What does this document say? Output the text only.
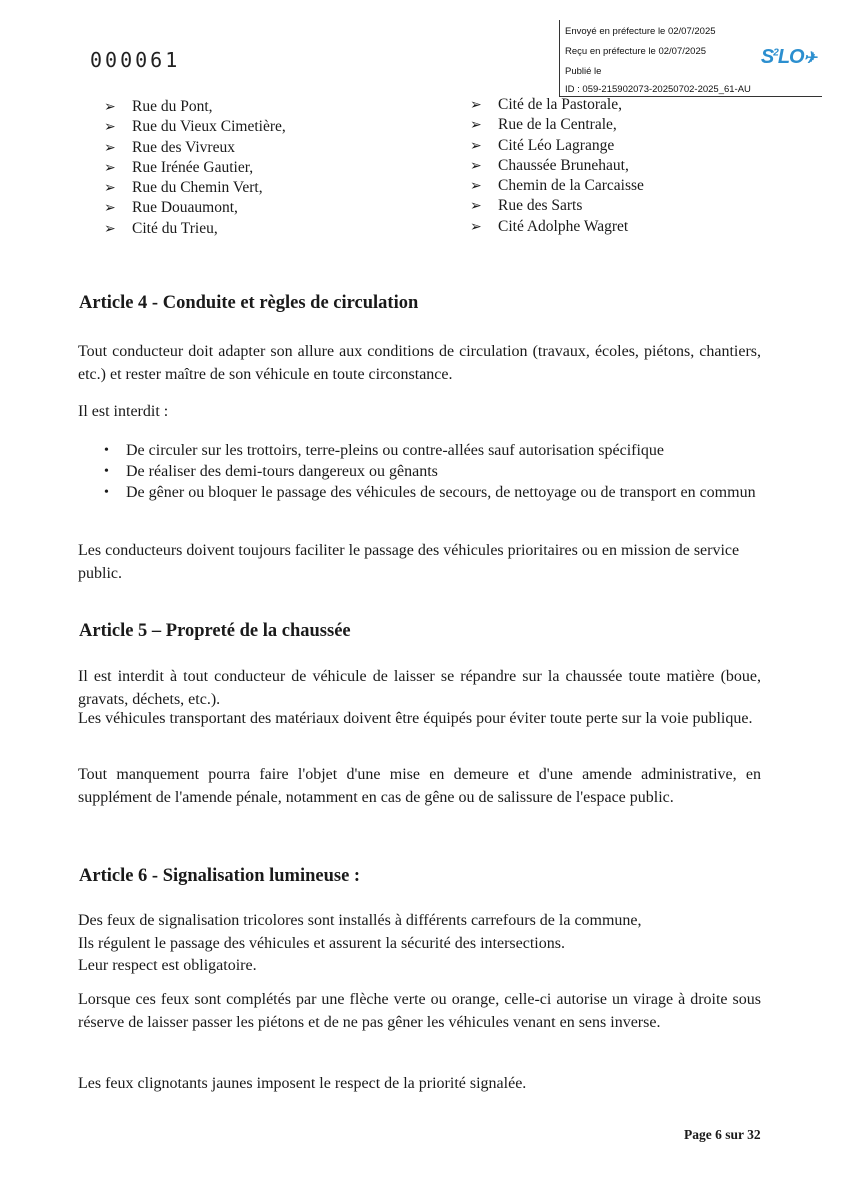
000061
Envoyé en préfecture le 02/07/2025
Reçu en préfecture le 02/07/2025
Publié le
ID : 059-215902073-20250702-2025_61-AU
$S^2LO✈$
➢ Rue du Pont,
➢ Rue du Vieux Cimetière,
➢ Rue des Vivreux
➢ Rue Irénée Gautier,
➢ Rue du Chemin Vert,
➢ Rue Douaumont,
➢ Cité du Trieu,
➢ Cité de la Pastorale,
➢ Rue de la Centrale,
➢ Cité Léo Lagrange
➢ Chaussée Brunehaut,
➢ Chemin de la Carcaisse
➢ Rue des Sarts
➢ Cité Adolphe Wagret
Article 4 - Conduite et règles de circulation

Tout conducteur doit adapter son allure aux conditions de circulation (travaux, écoles, piétons, chantiers, etc.) et rester maître de son véhicule en toute circonstance.

Il est interdit :

• De circuler sur les trottoirs, terre-pleins ou contre-allées sauf autorisation spécifique
• De réaliser des demi-tours dangereux ou gênants
• De gêner ou bloquer le passage des véhicules de secours, de nettoyage ou de transport en commun

Les conducteurs doivent toujours faciliter le passage des véhicules prioritaires ou en mission de service public.

Article 5 – Propreté de la chaussée

Il est interdit à tout conducteur de véhicule de laisser se répandre sur la chaussée toute matière (boue, gravats, déchets, etc.).

Les véhicules transportant des matériaux doivent être équipés pour éviter toute perte sur la voie publique.

Tout manquement pourra faire l'objet d'une mise en demeure et d'une amende administrative, en supplément de l'amende pénale, notamment en cas de gêne ou de salissure de l'espace public.

Article 6 - Signalisation lumineuse :
Des feux de signalisation tricolores sont installés à différents carrefours de la commune,
Ils régulent le passage des véhicules et assurent la sécurité des intersections.
Leur respect est obligatoire.

Lorsque ces feux sont complétés par une flèche verte ou orange, celle-ci autorise un virage à droite sous réserve de laisser passer les piétons et de ne pas gêner les véhicules venant en sens inverse.

Les feux clignotants jaunes imposent le respect de la priorité signalée.

Page 6 sur 32
